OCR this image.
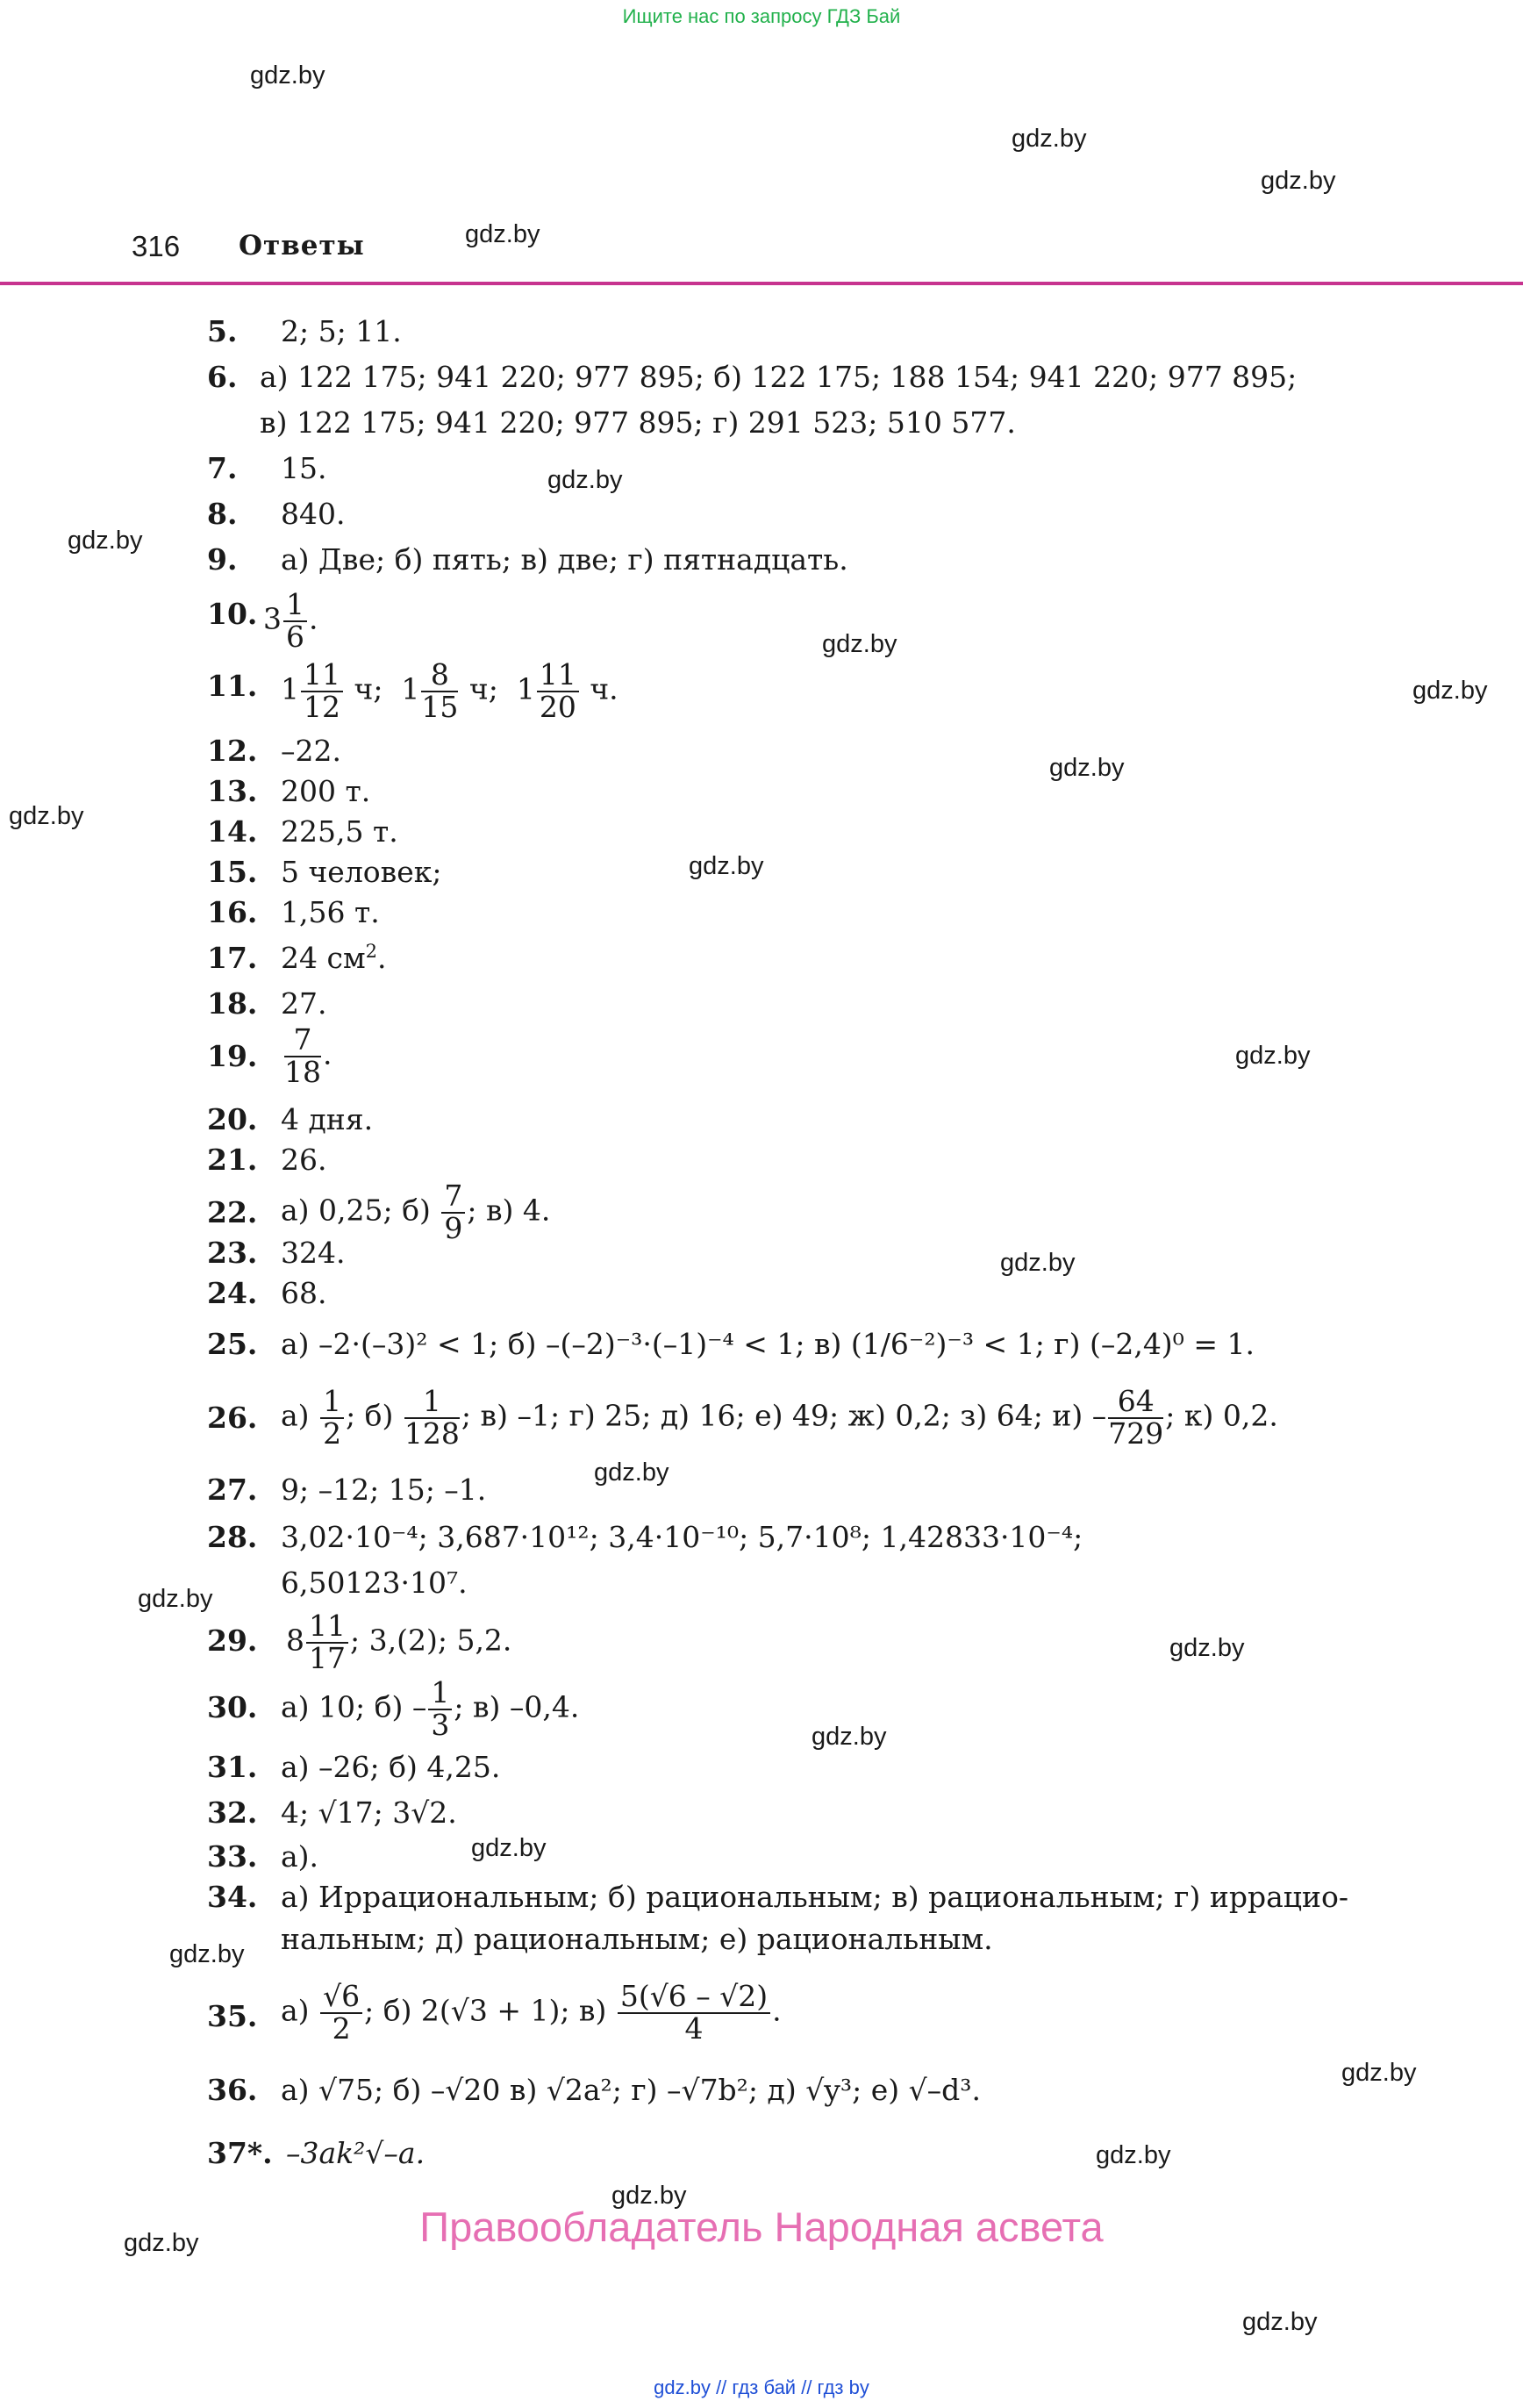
Ищите нас по запросу ГДЗ Бай
gdz.by
gdz.by
gdz.by
gdz.by
gdz.by
gdz.by
gdz.by
gdz.by
gdz.by
gdz.by
gdz.by
gdz.by
gdz.by
gdz.by
gdz.by
gdz.by
gdz.by
gdz.by
gdz.by
gdz.by
gdz.by
gdz.by
gdz.by
gdz.by
316 Ответы
5. 2; 5; 11.
6. а) 122 175; 941 220; 977 895; б) 122 175; 188 154; 941 220; 977 895;
в) 122 175; 941 220; 977 895; г) 291 523; 510 577.
7. 15.
8. 840.
9. а) Две; б) пять; в) две; г) пятнадцать.
10. $3 \frac{1}{6}$ .
11. $1 \frac{11}{12} ч$; $1 \frac{8}{15} ч$; $1 \frac{11}{20} ч$.
12. –22.
13. 200 т.
14. 225,5 т.
15. 5 человек;
16. 1,56 т.
17. 24 $см^2$.
18. 27.
19. $\frac{7}{18}$ .
20. 4 дня.
21. 26.
22. а) 0,25; $б) \frac{7}{9}$ ; в) 4.
23. 324.
24. 68.
25. а) –2·(–3)² < 1; б) –(–2)⁻³·(–1)⁻⁴ < 1; в) (1/6⁻²)⁻³ < 1; г) (–2,4)⁰ = 1.
26. $а) \frac{1}{2}$ ; $б) \frac{1}{128}$ ; в) –1; г) 25; д) 16; е) 49; ж) 0,2; з) 64; $и) - \frac{64}{729}$ ; к) 0,2.
27. 9; –12; 15; –1.
28. 3,02·10⁻⁴; 3,687·10¹²; 3,4·10⁻¹⁰; 5,7·10⁸; 1,42833·10⁻⁴;
6,50123·10⁷.
29. $8 \frac{11}{17}$ ; 3,(2); 5,2.
30. а) 10; $б) - \frac{1}{3}$ ; в) –0,4.
31. а) –26; б) 4,25.
32. 4; √17; 3√2.
33. а).
34. а) Иррациональным; б) рациональным; в) рациональным; г) иррацио-
нальным; д) рациональным; е) рациональным.
35. $а) \frac{√6}{2}$ ; б) 2(√3 + 1); $в) \frac{5(√6 - √2)}{4}$ .
36. а) √75; б) –√20 в) √2a²; г) –√7b²; д) √y³; е) √–d³.
37*. –3ak²√–a.
Правообладатель Народная асвета
gdz.by // гдз бай // гдз by
